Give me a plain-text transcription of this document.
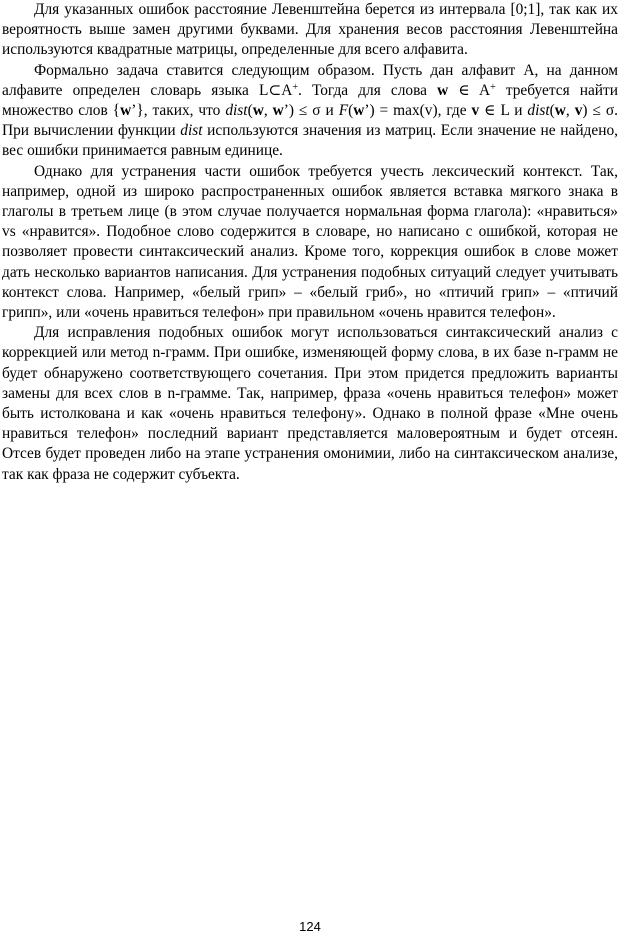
Для указанных ошибок расстояние Левенштейна берется из интервала [0;1], так как их вероятность выше замен другими буквами. Для хранения весов расстояния Левенштейна используются квадратные матрицы, определенные для всего алфавита.

Формально задача ставится следующим образом. Пусть дан алфавит A, на данном алфавите определен словарь языка L⊂A+. Тогда для слова w ∈ A+ требуется найти множество слов {w’}, таких, что dist(w, w’) ≤ σ и F(w’) = max(v), где v ∈ L и dist(w, v) ≤ σ. При вычислении функции dist используются значения из матриц. Если значение не найдено, вес ошибки принимается равным единице.

Однако для устранения части ошибок требуется учесть лексический контекст. Так, например, одной из широко распространенных ошибок является вставка мягкого знака в глаголы в третьем лице (в этом случае получается нормальная форма глагола): «нравиться» vs «нравится». Подобное слово содержится в словаре, но написано с ошибкой, которая не позволяет провести синтаксический анализ. Кроме того, коррекция ошибок в слове может дать несколько вариантов написания. Для устранения подобных ситуаций следует учитывать контекст слова. Например, «белый грип» – «белый гриб», но «птичий грип» – «птичий грипп», или «очень нравиться телефон» при правильном «очень нравится телефон».

Для исправления подобных ошибок могут использоваться синтаксический анализ с коррекцией или метод n-грамм. При ошибке, изменяющей форму слова, в их базе n-грамм не будет обнаружено соответствующего сочетания. При этом придется предложить варианты замены для всех слов в n-грамме. Так, например, фраза «очень нравиться телефон» может быть истолкована и как «очень нравиться телефону». Однако в полной фразе «Мне очень нравиться телефон» последний вариант представляется маловероятным и будет отсеян. Отсев будет проведен либо на этапе устранения омонимии, либо на синтаксическом анализе, так как фраза не содержит субъекта.

124
